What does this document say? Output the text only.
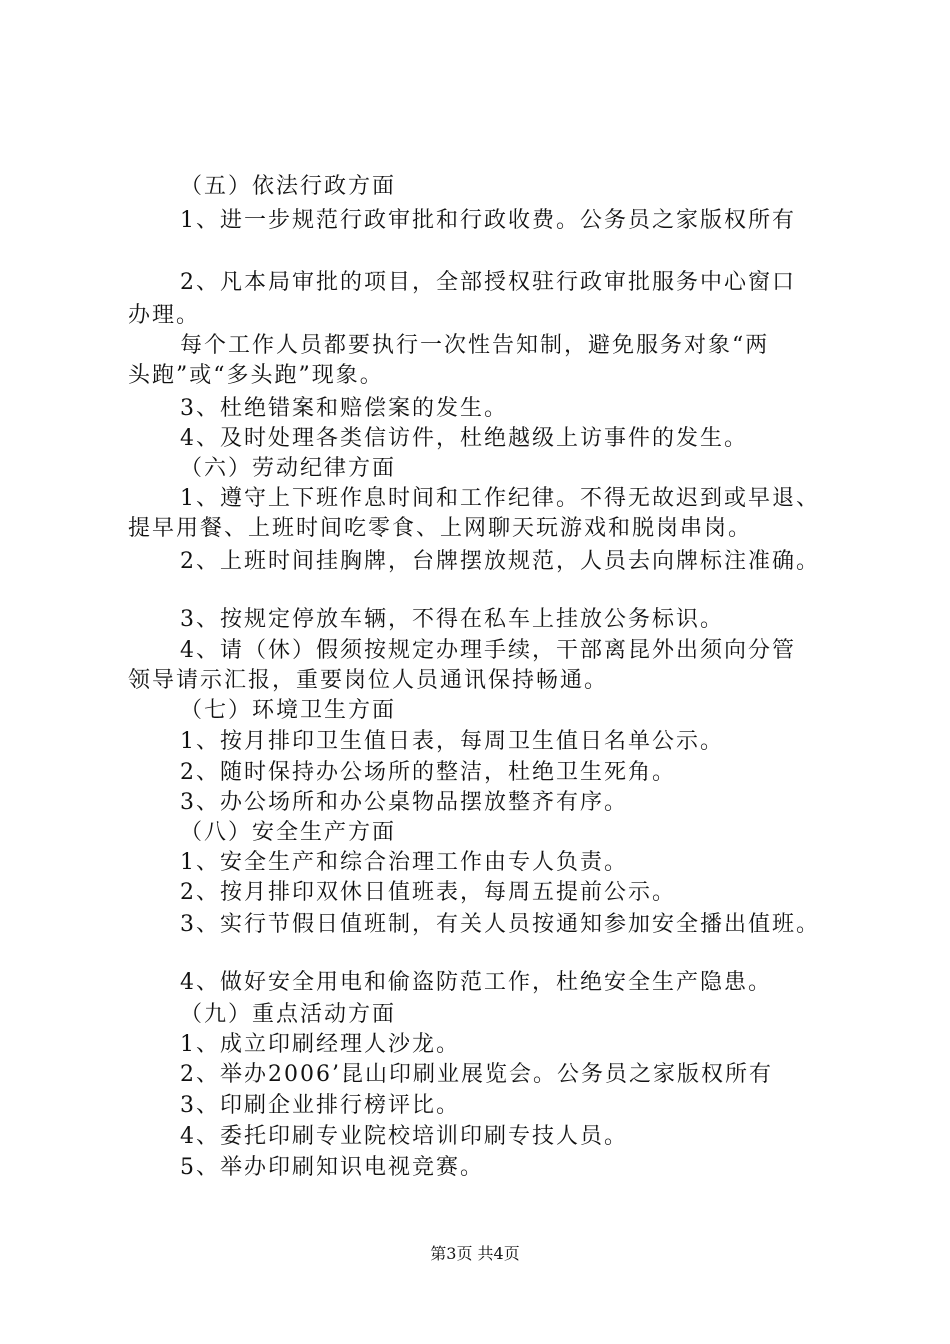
（五）依法行政方面
1、进一步规范行政审批和行政收费。公务员之家版权所有
2、凡本局审批的项目，全部授权驻行政审批服务中心窗口
办理。
每个工作人员都要执行一次性告知制，避免服务对象“两
头跑”或“多头跑”现象。
3、杜绝错案和赔偿案的发生。
4、及时处理各类信访件，杜绝越级上访事件的发生。
（六）劳动纪律方面
1、遵守上下班作息时间和工作纪律。不得无故迟到或早退、
提早用餐、上班时间吃零食、上网聊天玩游戏和脱岗串岗。
2、上班时间挂胸牌，台牌摆放规范，人员去向牌标注准确。
3、按规定停放车辆，不得在私车上挂放公务标识。
4、请（休）假须按规定办理手续，干部离昆外出须向分管
领导请示汇报，重要岗位人员通讯保持畅通。
（七）环境卫生方面
1、按月排印卫生值日表，每周卫生值日名单公示。
2、随时保持办公场所的整洁，杜绝卫生死角。
3、办公场所和办公桌物品摆放整齐有序。
（八）安全生产方面
1、安全生产和综合治理工作由专人负责。
2、按月排印双休日值班表，每周五提前公示。
3、实行节假日值班制，有关人员按通知参加安全播出值班。
4、做好安全用电和偷盗防范工作，杜绝安全生产隐患。
（九）重点活动方面
1、成立印刷经理人沙龙。
2、举办2006’昆山印刷业展览会。公务员之家版权所有
3、印刷企业排行榜评比。
4、委托印刷专业院校培训印刷专技人员。
5、举办印刷知识电视竞赛。
第3页 共4页
